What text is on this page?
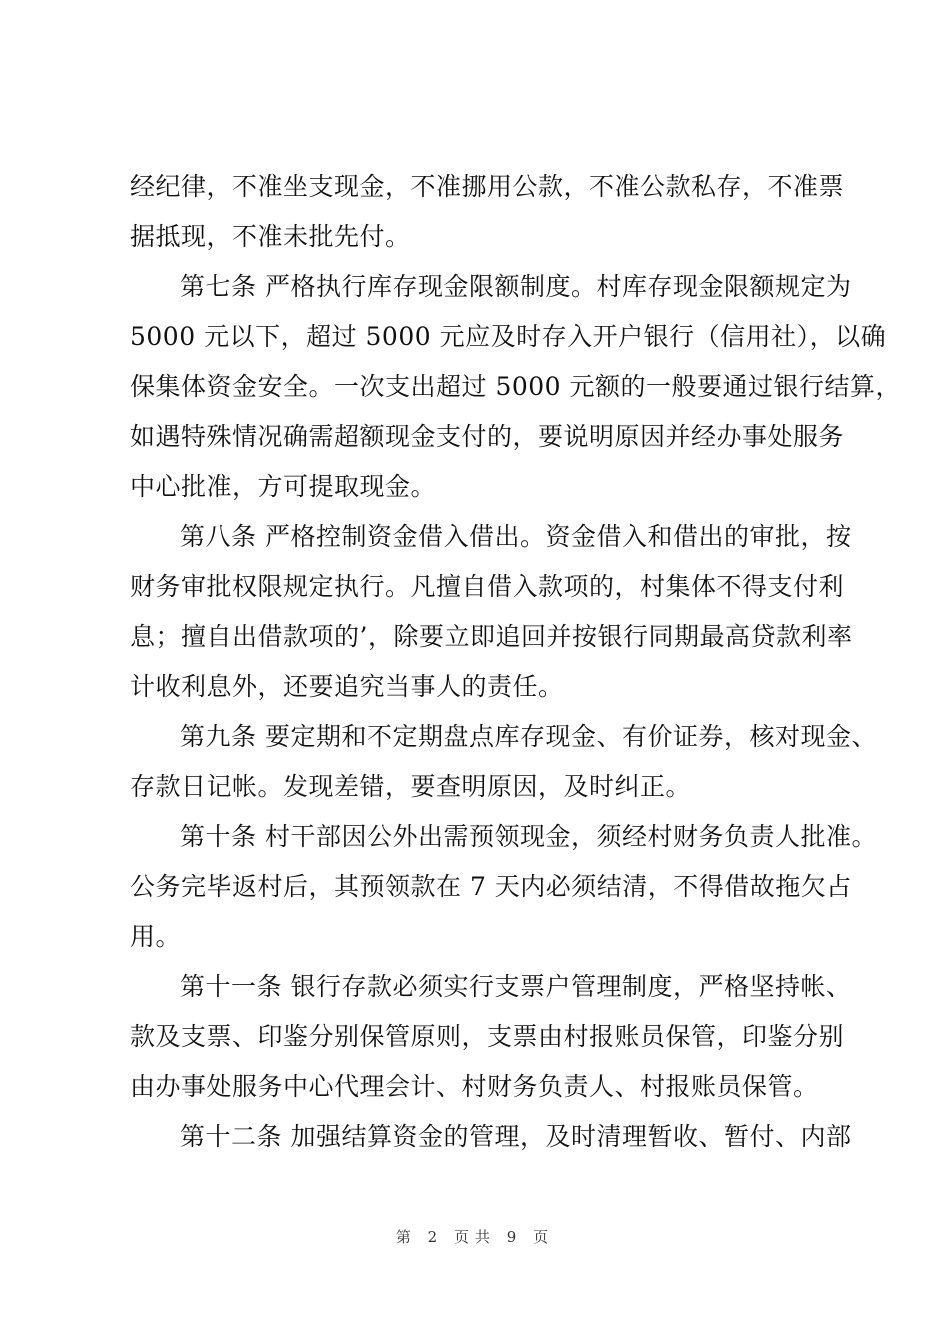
经纪律，不准坐支现金，不准挪用公款，不准公款私存，不准票
据抵现，不准未批先付。
第七条 严格执行库存现金限额制度。村库存现金限额规定为
5000 元以下，超过 5000 元应及时存入开户银行（信用社），以确
保集体资金安全。一次支出超过 5000 元额的一般要通过银行结算，
如遇特殊情况确需超额现金支付的，要说明原因并经办事处服务
中心批准，方可提取现金。
第八条 严格控制资金借入借出。资金借入和借出的审批，按
财务审批权限规定执行。凡擅自借入款项的，村集体不得支付利
息；擅自出借款项的’，除要立即追回并按银行同期最高贷款利率
计收利息外，还要追究当事人的责任。
第九条 要定期和不定期盘点库存现金、有价证券，核对现金、
存款日记帐。发现差错，要查明原因，及时纠正。
第十条 村干部因公外出需预领现金，须经村财务负责人批准。
公务完毕返村后，其预领款在 7 天内必须结清，不得借故拖欠占
用。
第十一条 银行存款必须实行支票户管理制度，严格坚持帐、
款及支票、印鉴分别保管原则，支票由村报账员保管，印鉴分别
由办事处服务中心代理会计、村财务负责人、村报账员保管。
第十二条 加强结算资金的管理，及时清理暂收、暂付、内部
第 2 页共 9 页
